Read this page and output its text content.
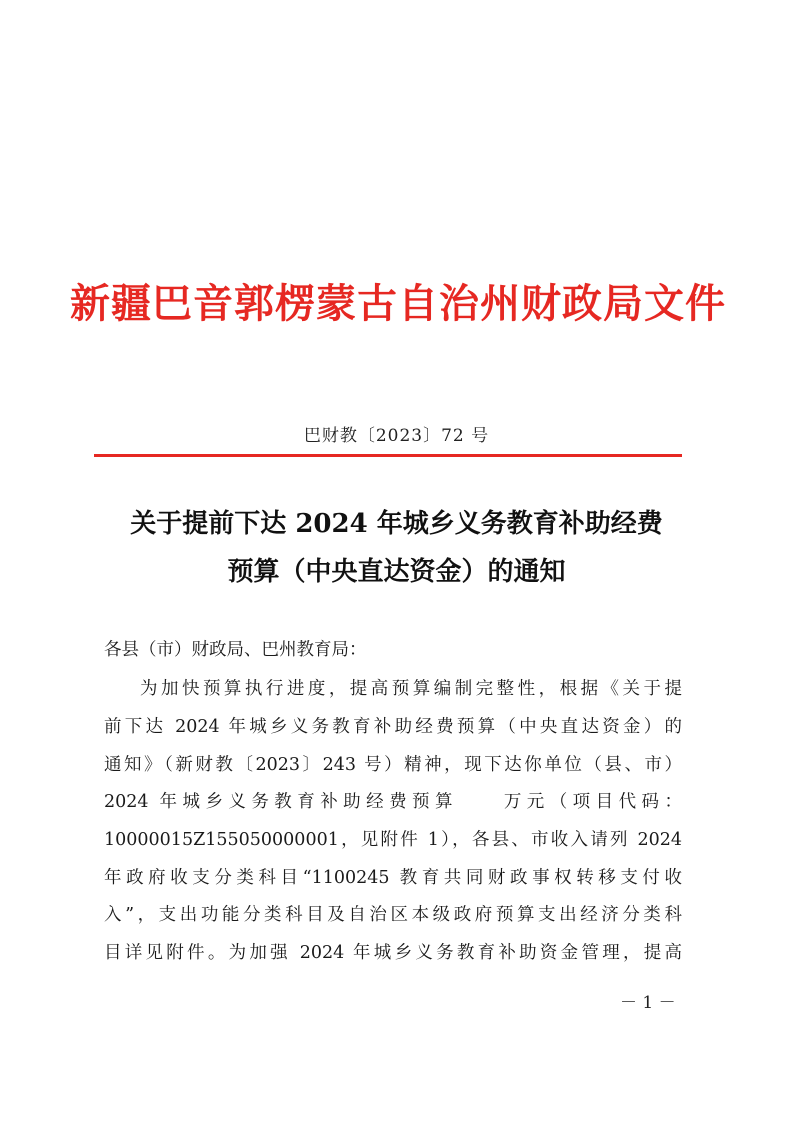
新疆巴音郭楞蒙古自治州财政局文件
巴财教〔2023〕72 号
关于提前下达 2024 年城乡义务教育补助经费
预算（中央直达资金）的通知
各县（市）财政局、巴州教育局：
为加快预算执行进度，提高预算编制完整性，根据《关于提
前下达 2024 年城乡义务教育补助经费预算（中央直达资金）的
通知》（新财教〔2023〕243 号）精神，现下达你单位（县、市）
2024 年城乡义务教育补助经费预算　　万元（项目代码：
10000015Z155050000001，见附件 1），各县、市收入请列 2024
年政府收支分类科目“1100245 教育共同财政事权转移支付收
入”，支出功能分类科目及自治区本级政府预算支出经济分类科
目详见附件。为加强 2024 年城乡义务教育补助资金管理，提高
－ 1 －
